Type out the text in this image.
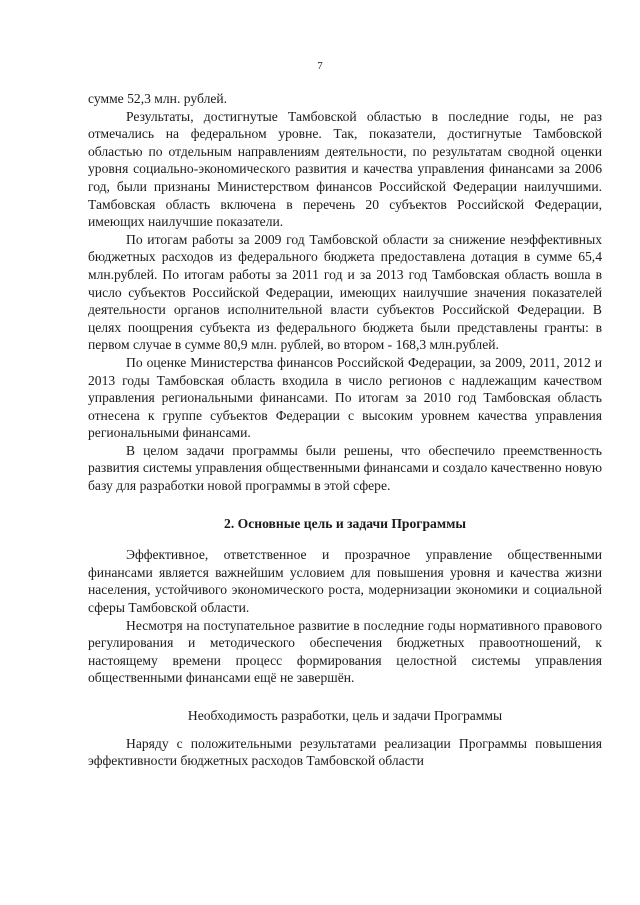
7

сумме 52,3 млн. рублей.

Результаты, достигнутые Тамбовской областью в последние годы, не раз отмечались на федеральном уровне. Так, показатели, достигнутые Тамбовской областью по отдельным направлениям деятельности, по результатам сводной оценки уровня социально-экономического развития и качества управления финансами за 2006 год, были признаны Министерством финансов Российской Федерации наилучшими. Тамбовская область включена в перечень 20 субъектов Российской Федерации, имеющих наилучшие показатели.

По итогам работы за 2009 год Тамбовской области за снижение неэффективных бюджетных расходов из федерального бюджета предоставлена дотация в сумме 65,4 млн.рублей. По итогам работы за 2011 год и за 2013 год Тамбовская область вошла в число субъектов Российской Федерации, имеющих наилучшие значения показателей деятельности органов исполнительной власти субъектов Российской Федерации. В целях поощрения субъекта из федерального бюджета были представлены гранты: в первом случае в сумме 80,9 млн. рублей, во втором - 168,3 млн.рублей.

По оценке Министерства финансов Российской Федерации, за 2009, 2011, 2012 и 2013 годы Тамбовская область входила в число регионов с надлежащим качеством управления региональными финансами. По итогам за 2010 год Тамбовская область отнесена к группе субъектов Федерации с высоким уровнем качества управления региональными финансами.

В целом задачи программы были решены, что обеспечило преемственность развития системы управления общественными финансами и создало качественно новую базу для разработки новой программы в этой сфере.

2. Основные цель и задачи Программы

Эффективное, ответственное и прозрачное управление общественными финансами является важнейшим условием для повышения уровня и качества жизни населения, устойчивого экономического роста, модернизации экономики и социальной сферы Тамбовской области.

Несмотря на поступательное развитие в последние годы нормативного правового регулирования и методического обеспечения бюджетных правоотношений, к настоящему времени процесс формирования целостной системы управления общественными финансами ещё не завершён.

Необходимость разработки, цель и задачи Программы

Наряду с положительными результатами реализации Программы повышения эффективности бюджетных расходов Тамбовской области
